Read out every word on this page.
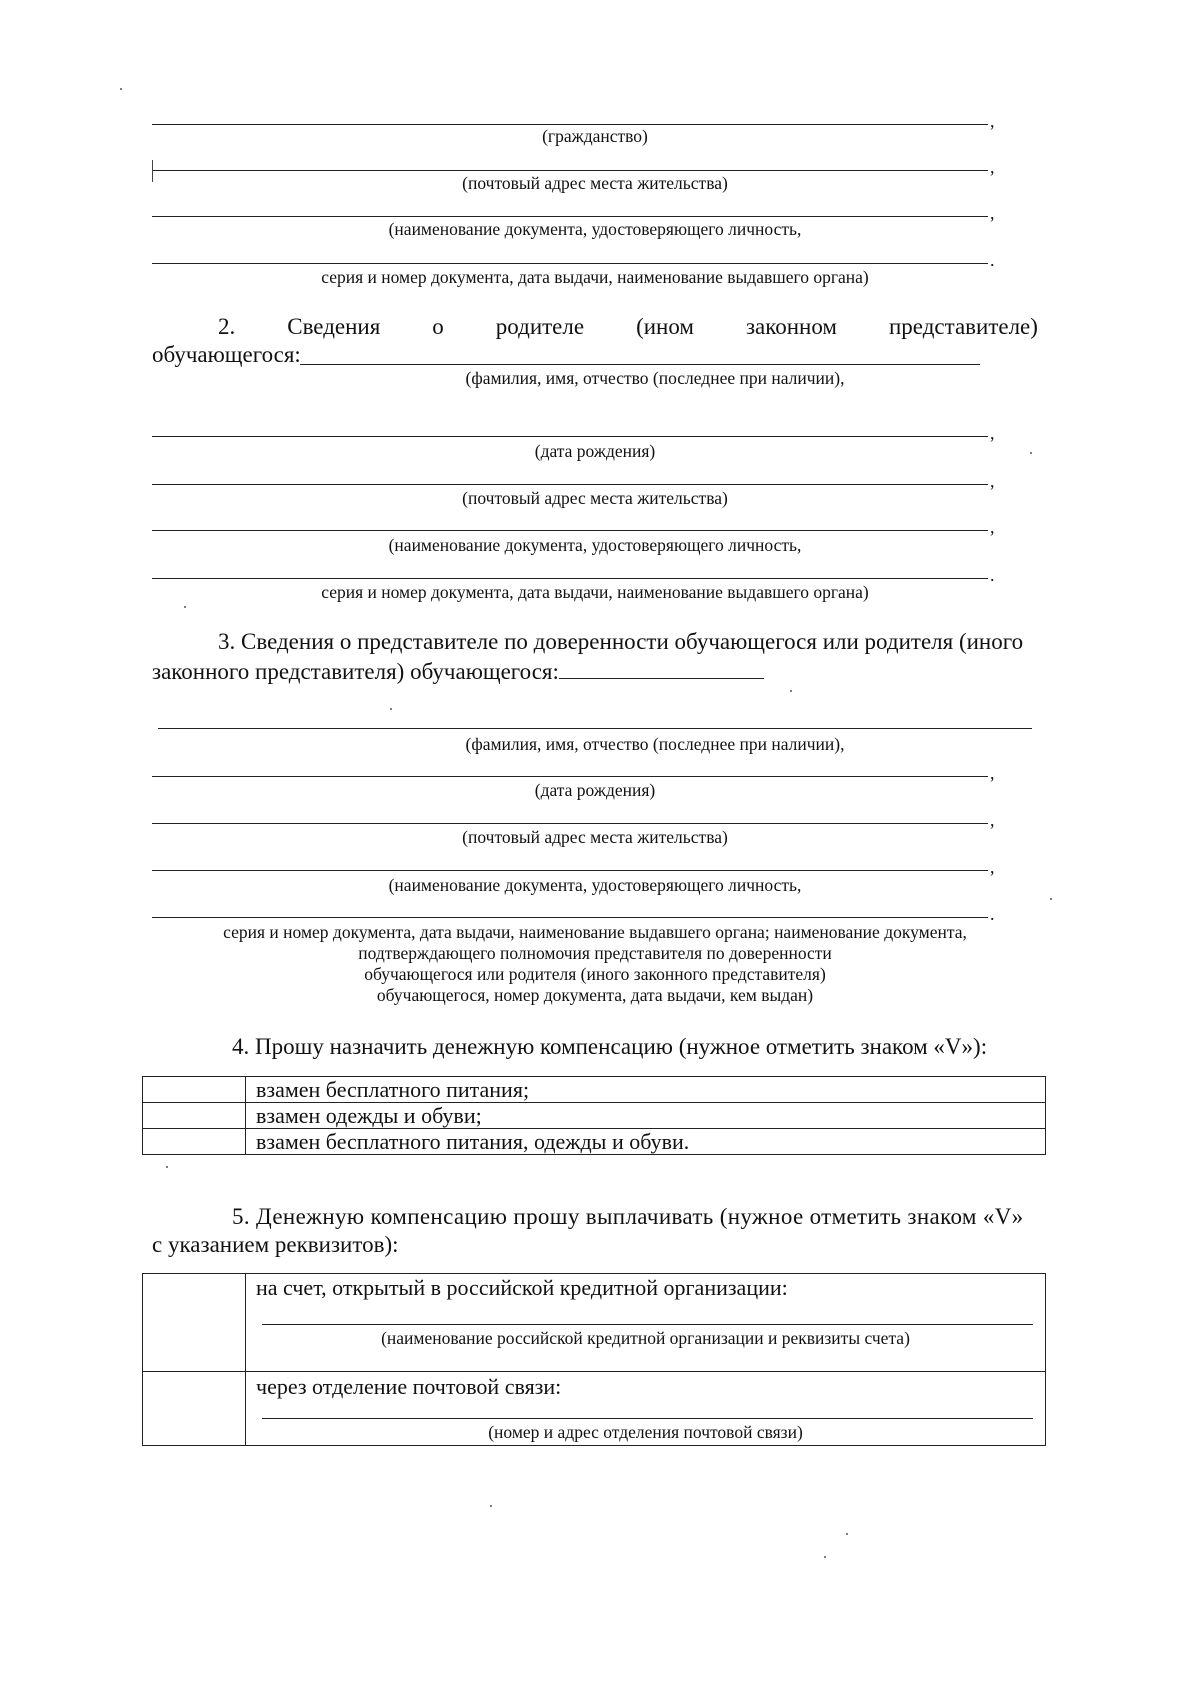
,
(гражданство)
,
(почтовый адрес места жительства)
,
(наименование документа, удостоверяющего личность,
.
серия и номер документа, дата выдачи, наименование выдавшего органа)
2. Сведения о родителе (ином законном представителе)
обучающегося:
(фамилия, имя, отчество (последнее при наличии),
,
(дата рождения)
,
(почтовый адрес места жительства)
,
(наименование документа, удостоверяющего личность,
.
серия и номер документа, дата выдачи, наименование выдавшего органа)
3. Сведения о представителе по доверенности обучающегося или родителя (иного
законного представителя) обучающегося:
(фамилия, имя, отчество (последнее при наличии),
,
(дата рождения)
,
(почтовый адрес места жительства)
,
(наименование документа, удостоверяющего личность,
.
серия и номер документа, дата выдачи, наименование выдавшего органа; наименование документа,
подтверждающего полномочия представителя по доверенности
обучающегося или родителя (иного законного представителя)
обучающегося, номер документа, дата выдачи, кем выдан)
4. Прошу назначить денежную компенсацию (нужное отметить знаком «V»):
	взамен бесплатного питания;
	взамен одежды и обуви;
	взамен бесплатного питания, одежды и обуви.
5. Денежную компенсацию прошу выплачивать (нужное отметить знаком «V»
с указанием реквизитов):

	на счет, открытый в российской кредитной организации:
(наименование российской кредитной организации и реквизиты счета)

	через отделение почтовой связи:
(номер и адрес отделения почтовой связи)
